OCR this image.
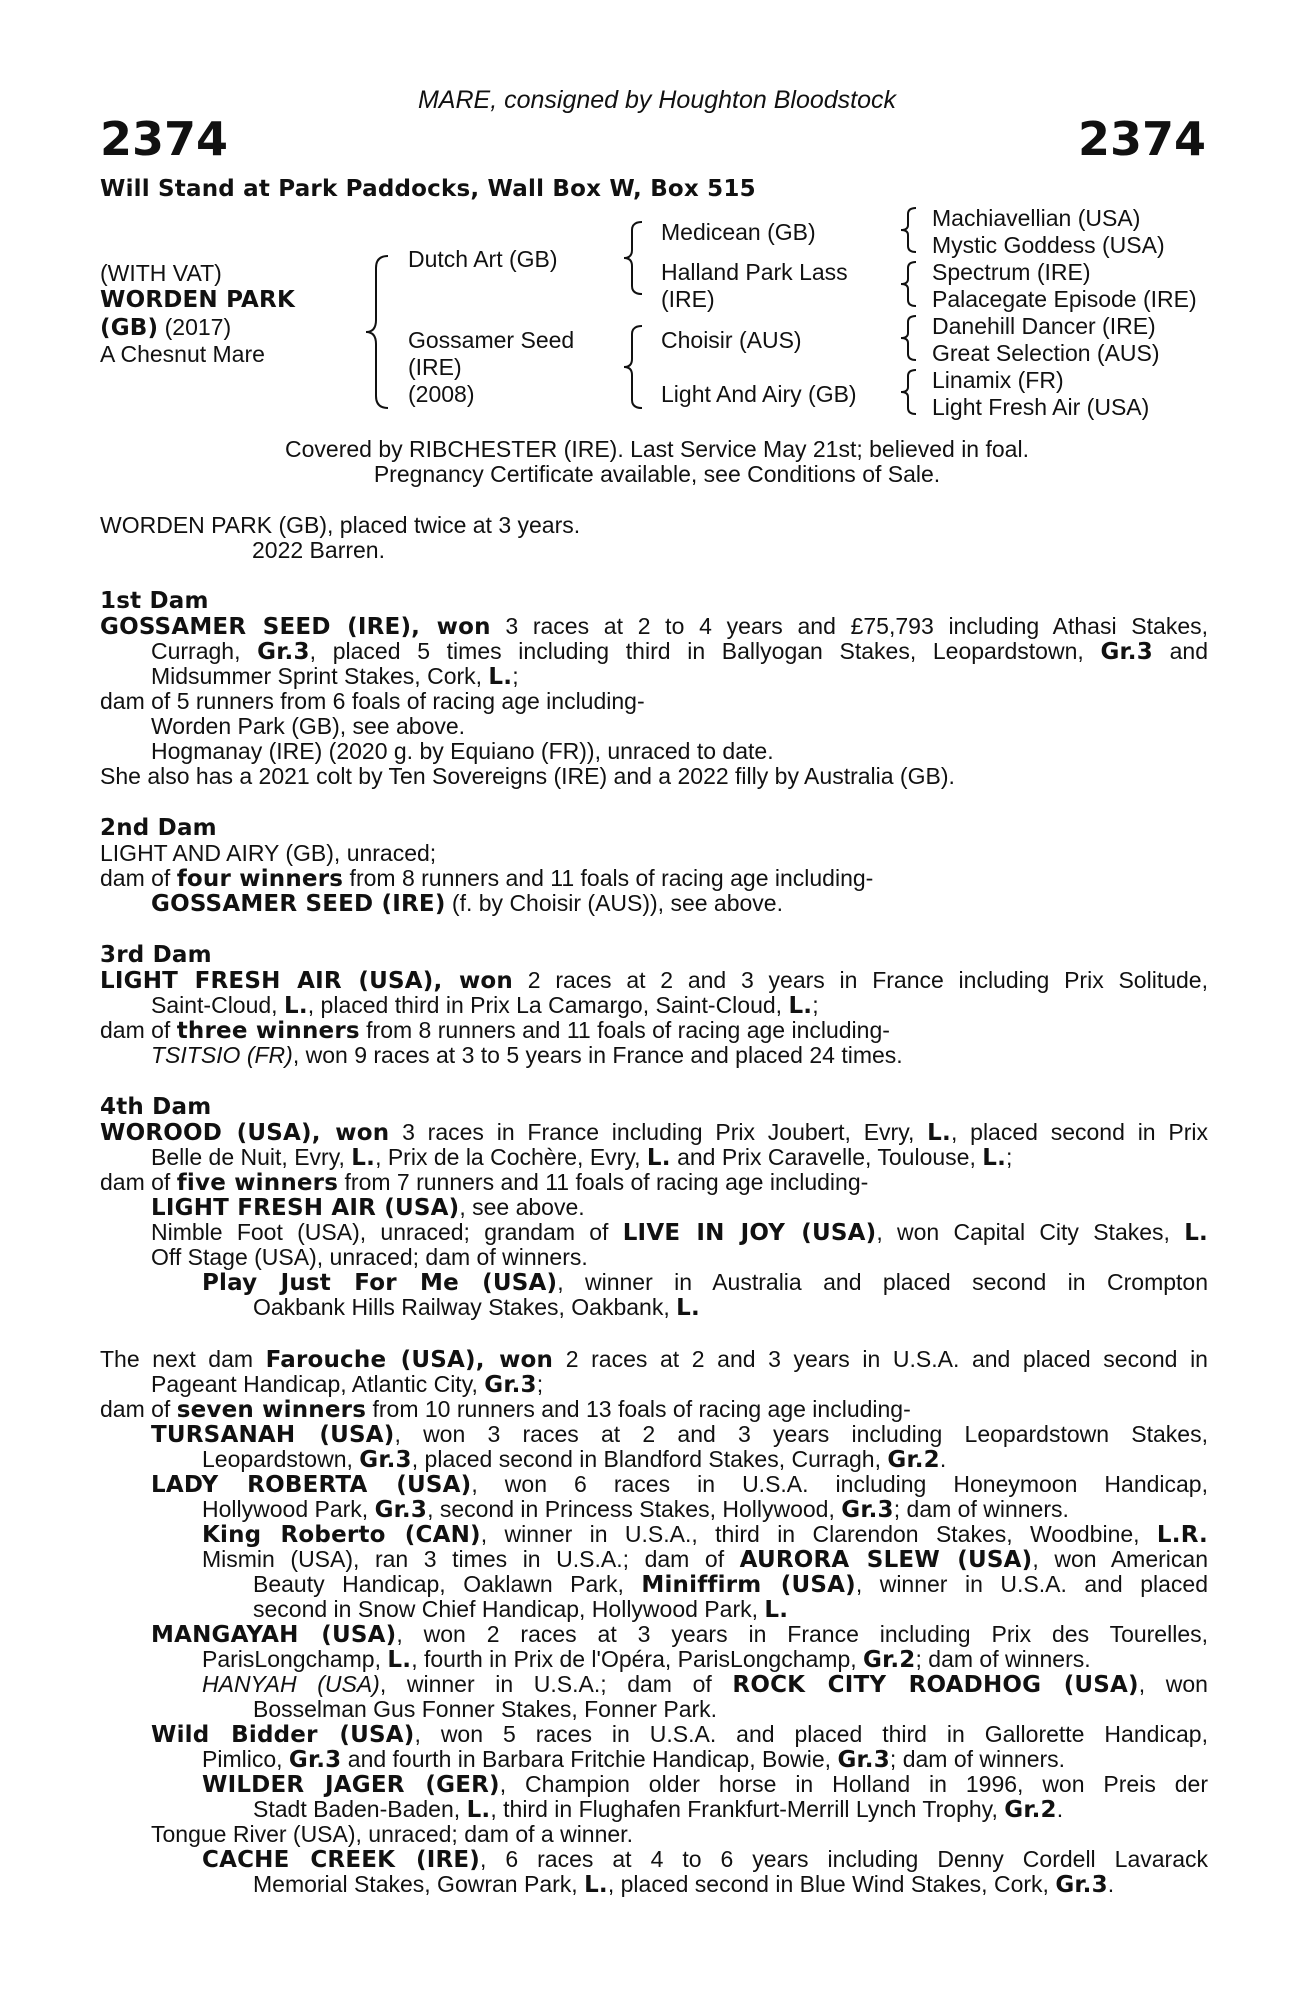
MARE, consigned by Houghton Bloodstock
2374	2374
Will Stand at Park Paddocks, Wall Box W, Box 515
(WITH VAT)
WORDEN PARK
(GB) (2017)
A Chesnut Mare
Dutch Art (GB)
Gossamer Seed
(IRE)
(2008)
Medicean (GB)
Halland Park Lass
(IRE)
Choisir (AUS)
Light And Airy (GB)
Machiavellian (USA)
Mystic Goddess (USA)
Spectrum (IRE)
Palacegate Episode (IRE)
Danehill Dancer (IRE)
Great Selection (AUS)
Linamix (FR)
Light Fresh Air (USA)
Covered by RIBCHESTER (IRE). Last Service May 21st; believed in foal.
Pregnancy Certificate available, see Conditions of Sale.
WORDEN PARK (GB), placed twice at 3 years.
2022 Barren.
1st Dam
GOSSAMER SEED (IRE), won 3 races at 2 to 4 years and £75,793 including Athasi Stakes,
Curragh, Gr.3, placed 5 times including third in Ballyogan Stakes, Leopardstown, Gr.3 and
Midsummer Sprint Stakes, Cork, L.;
dam of 5 runners from 6 foals of racing age including-
Worden Park (GB), see above.
Hogmanay (IRE) (2020 g. by Equiano (FR)), unraced to date.
She also has a 2021 colt by Ten Sovereigns (IRE) and a 2022 filly by Australia (GB).
2nd Dam
LIGHT AND AIRY (GB), unraced;
dam of four winners from 8 runners and 11 foals of racing age including-
GOSSAMER SEED (IRE) (f. by Choisir (AUS)), see above.
3rd Dam
LIGHT FRESH AIR (USA), won 2 races at 2 and 3 years in France including Prix Solitude,
Saint-Cloud, L., placed third in Prix La Camargo, Saint-Cloud, L.;
dam of three winners from 8 runners and 11 foals of racing age including-
TSITSIO (FR), won 9 races at 3 to 5 years in France and placed 24 times.
4th Dam
WOROOD (USA), won 3 races in France including Prix Joubert, Evry, L., placed second in Prix
Belle de Nuit, Evry, L., Prix de la Cochère, Evry, L. and Prix Caravelle, Toulouse, L.;
dam of five winners from 7 runners and 11 foals of racing age including-
LIGHT FRESH AIR (USA), see above.
Nimble Foot (USA), unraced; grandam of LIVE IN JOY (USA), won Capital City Stakes, L.
Off Stage (USA), unraced; dam of winners.
Play Just For Me (USA), winner in Australia and placed second in Crompton
Oakbank Hills Railway Stakes, Oakbank, L.
The next dam Farouche (USA), won 2 races at 2 and 3 years in U.S.A. and placed second in
Pageant Handicap, Atlantic City, Gr.3;
dam of seven winners from 10 runners and 13 foals of racing age including-
TURSANAH (USA), won 3 races at 2 and 3 years including Leopardstown Stakes,
Leopardstown, Gr.3, placed second in Blandford Stakes, Curragh, Gr.2.
LADY ROBERTA (USA), won 6 races in U.S.A. including Honeymoon Handicap,
Hollywood Park, Gr.3, second in Princess Stakes, Hollywood, Gr.3; dam of winners.
King Roberto (CAN), winner in U.S.A., third in Clarendon Stakes, Woodbine, L.R.
Mismin (USA), ran 3 times in U.S.A.; dam of AURORA SLEW (USA), won American
Beauty Handicap, Oaklawn Park, Miniffirm (USA), winner in U.S.A. and placed
second in Snow Chief Handicap, Hollywood Park, L.
MANGAYAH (USA), won 2 races at 3 years in France including Prix des Tourelles,
ParisLongchamp, L., fourth in Prix de l'Opéra, ParisLongchamp, Gr.2; dam of winners.
HANYAH (USA), winner in U.S.A.; dam of ROCK CITY ROADHOG (USA), won
Bosselman Gus Fonner Stakes, Fonner Park.
Wild Bidder (USA), won 5 races in U.S.A. and placed third in Gallorette Handicap,
Pimlico, Gr.3 and fourth in Barbara Fritchie Handicap, Bowie, Gr.3; dam of winners.
WILDER JAGER (GER), Champion older horse in Holland in 1996, won Preis der
Stadt Baden-Baden, L., third in Flughafen Frankfurt-Merrill Lynch Trophy, Gr.2.
Tongue River (USA), unraced; dam of a winner.
CACHE CREEK (IRE), 6 races at 4 to 6 years including Denny Cordell Lavarack
Memorial Stakes, Gowran Park, L., placed second in Blue Wind Stakes, Cork, Gr.3.
